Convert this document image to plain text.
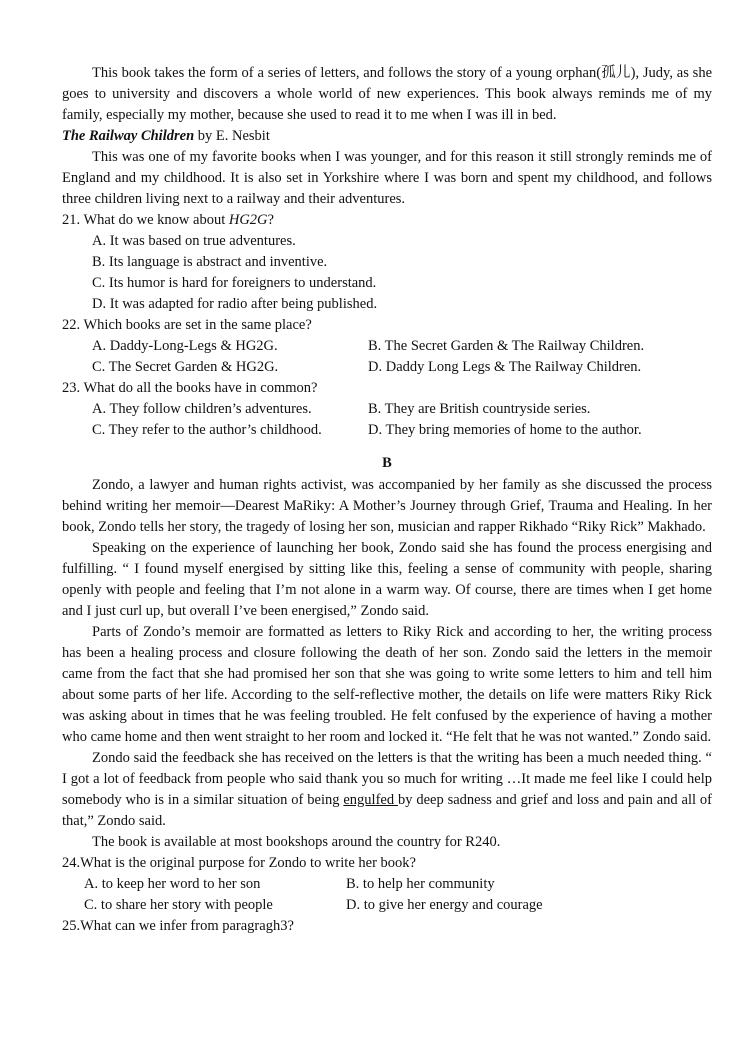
This book takes the form of a series of letters, and follows the story of a young orphan(孤儿), Judy, as she goes to university and discovers a whole world of new experiences. This book always reminds me of my family, especially my mother, because she used to read it to me when I was ill in bed.

The Railway Children by E. Nesbit

This was one of my favorite books when I was younger, and for this reason it still strongly reminds me of England and my childhood. It is also set in Yorkshire where I was born and spent my childhood, and follows three children living next to a railway and their adventures.

21. What do we know about HG2G?
A. It was based on true adventures.
B. Its language is abstract and inventive.
C. Its humor is hard for foreigners to understand.
D. It was adapted for radio after being published.
22. Which books are set in the same place?
A. Daddy-Long-Legs & HG2G.	B. The Secret Garden & The Railway Children.
C. The Secret Garden & HG2G.	D. Daddy Long Legs & The Railway Children.
23. What do all the books have in common?
A. They follow children’s adventures.	B. They are British countryside series.
C. They refer to the author’s childhood.	D. They bring memories of home to the author.
B

Zondo, a lawyer and human rights activist, was accompanied by her family as she discussed the process behind writing her memoir—Dearest MaRiky: A Mother’s Journey through Grief, Trauma and Healing. In her book, Zondo tells her story, the tragedy of losing her son, musician and rapper Rikhado “Riky Rick” Makhado.

Speaking on the experience of launching her book, Zondo said she has found the process energising and fulfilling. “ I found myself energised by sitting like this, feeling a sense of community with people, sharing openly with people and feeling that I’m not alone in a warm way. Of course, there are times when I get home and I just curl up, but overall I’ve been energised,” Zondo said.

Parts of Zondo’s memoir are formatted as letters to Riky Rick and according to her, the writing process has been a healing process and closure following the death of her son. Zondo said the letters in the memoir came from the fact that she had promised her son that she was going to write some letters to him and tell him about some parts of her life. According to the self-reflective mother, the details on life were matters Riky Rick was asking about in times that he was feeling troubled. He felt confused by the experience of having a mother who came home and then went straight to her room and locked it. “He felt that he was not wanted.” Zondo said.

Zondo said the feedback she has received on the letters is that the writing has been a much needed thing. “ I got a lot of feedback from people who said thank you so much for writing …It made me feel like I could help somebody who is in a similar situation of being engulfed by deep sadness and grief and loss and pain and all of that,” Zondo said.

The book is available at most bookshops around the country for R240.

24.What is the original purpose for Zondo to write her book?
A. to keep her word to her son	B. to help her community
C. to share her story with people	D. to give her energy and courage
25.What can we infer from paragragh3?
